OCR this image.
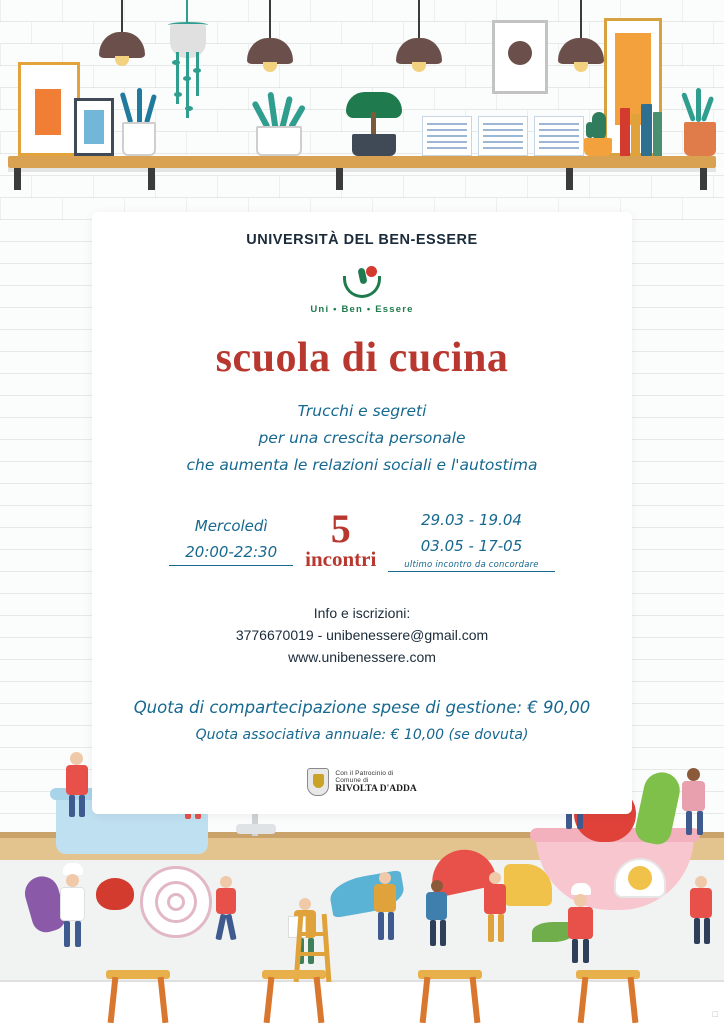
UNIVERSITÀ DEL BEN-ESSERE
Uni • Ben • Essere
scuola di cucina
Trucchi e segreti
per una crescita personale
che aumenta le relazioni sociali e l'autostima
Mercoledì
20:00-22:30
5
incontri
29.03 - 19.04
03.05 - 17-05
ultimo incontro da concordare
Info e iscrizioni:
3776670019 - unibenessere@gmail.com
www.unibenessere.com
Quota di compartecipazione spese di gestione: € 90,00
Quota associativa annuale: € 10,00 (se dovuta)
Con il Patrocinio di
Comune di
RIVOLTA D'ADDA
□
